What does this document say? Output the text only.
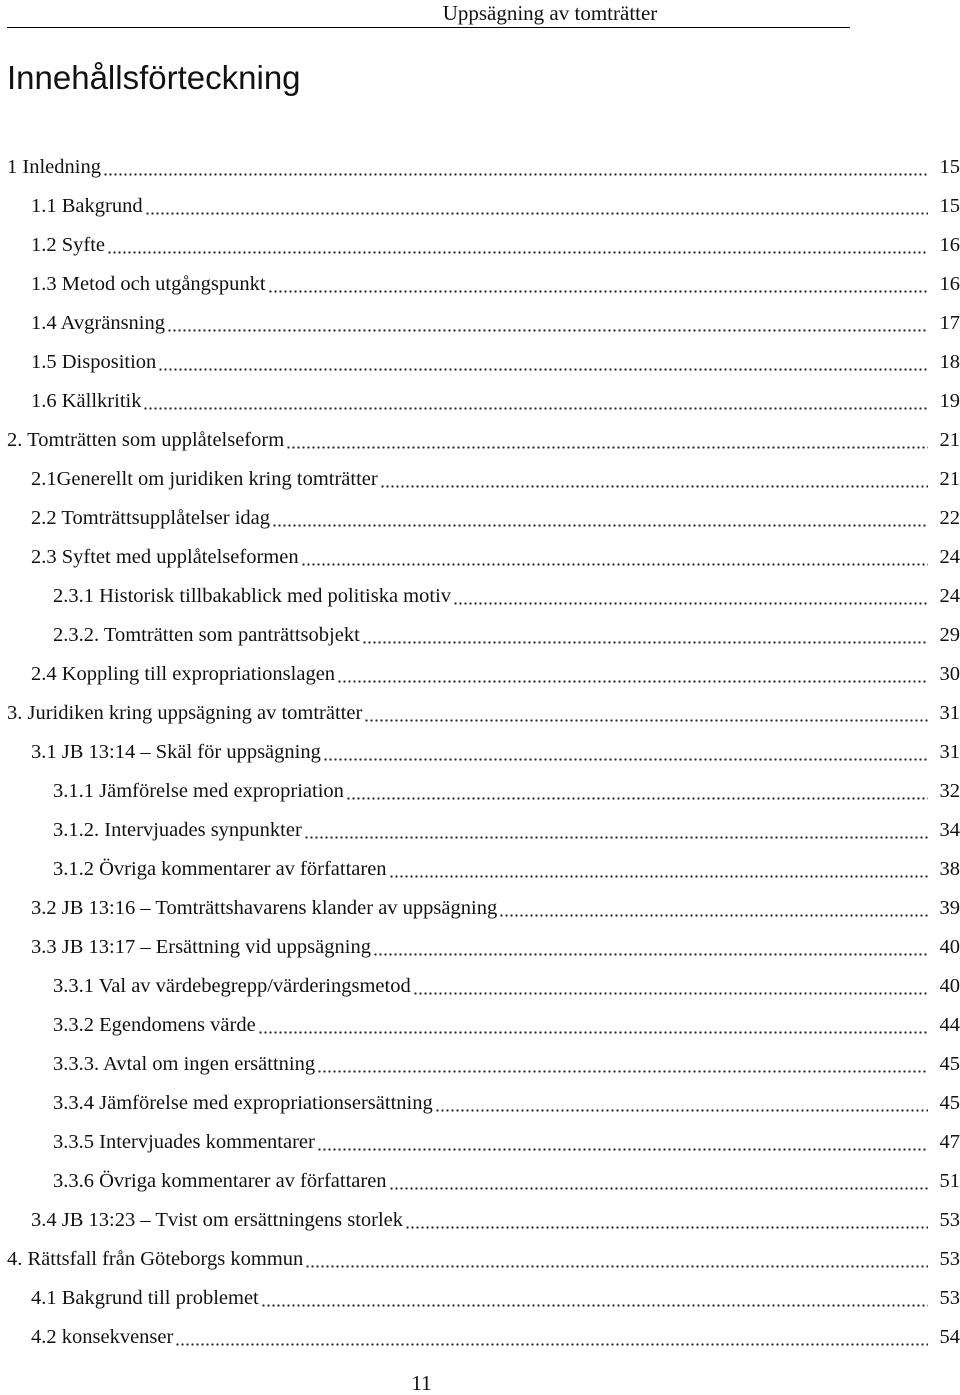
Uppsägning av tomträtter
Innehållsförteckning
1 Inledning	15
1.1 Bakgrund	15
1.2 Syfte	16
1.3 Metod och utgångspunkt	16
1.4 Avgränsning	17
1.5 Disposition	18
1.6 Källkritik	19
2. Tomträtten som upplåtelseform	21
2.1Generellt om juridiken kring tomträtter	21
2.2 Tomträttsupplåtelser idag	22
2.3 Syftet med upplåtelseformen	24
2.3.1 Historisk tillbakablick med politiska motiv	24
2.3.2. Tomträtten som panträttsobjekt	29
2.4 Koppling till expropriationslagen	30
3. Juridiken kring uppsägning av tomträtter	31
3.1 JB 13:14 – Skäl för uppsägning	31
3.1.1 Jämförelse med expropriation	32
3.1.2. Intervjuades synpunkter	34
3.1.2 Övriga kommentarer av författaren	38
3.2 JB 13:16 – Tomträttshavarens klander av uppsägning	39
3.3 JB 13:17 – Ersättning vid uppsägning	40
3.3.1 Val av värdebegrepp/värderingsmetod	40
3.3.2 Egendomens värde	44
3.3.3. Avtal om ingen ersättning	45
3.3.4 Jämförelse med expropriationsersättning	45
3.3.5 Intervjuades kommentarer	47
3.3.6 Övriga kommentarer av författaren	51
3.4 JB 13:23 – Tvist om ersättningens storlek	53
4. Rättsfall från Göteborgs kommun	53
4.1 Bakgrund till problemet	53
4.2 konsekvenser	54
11
